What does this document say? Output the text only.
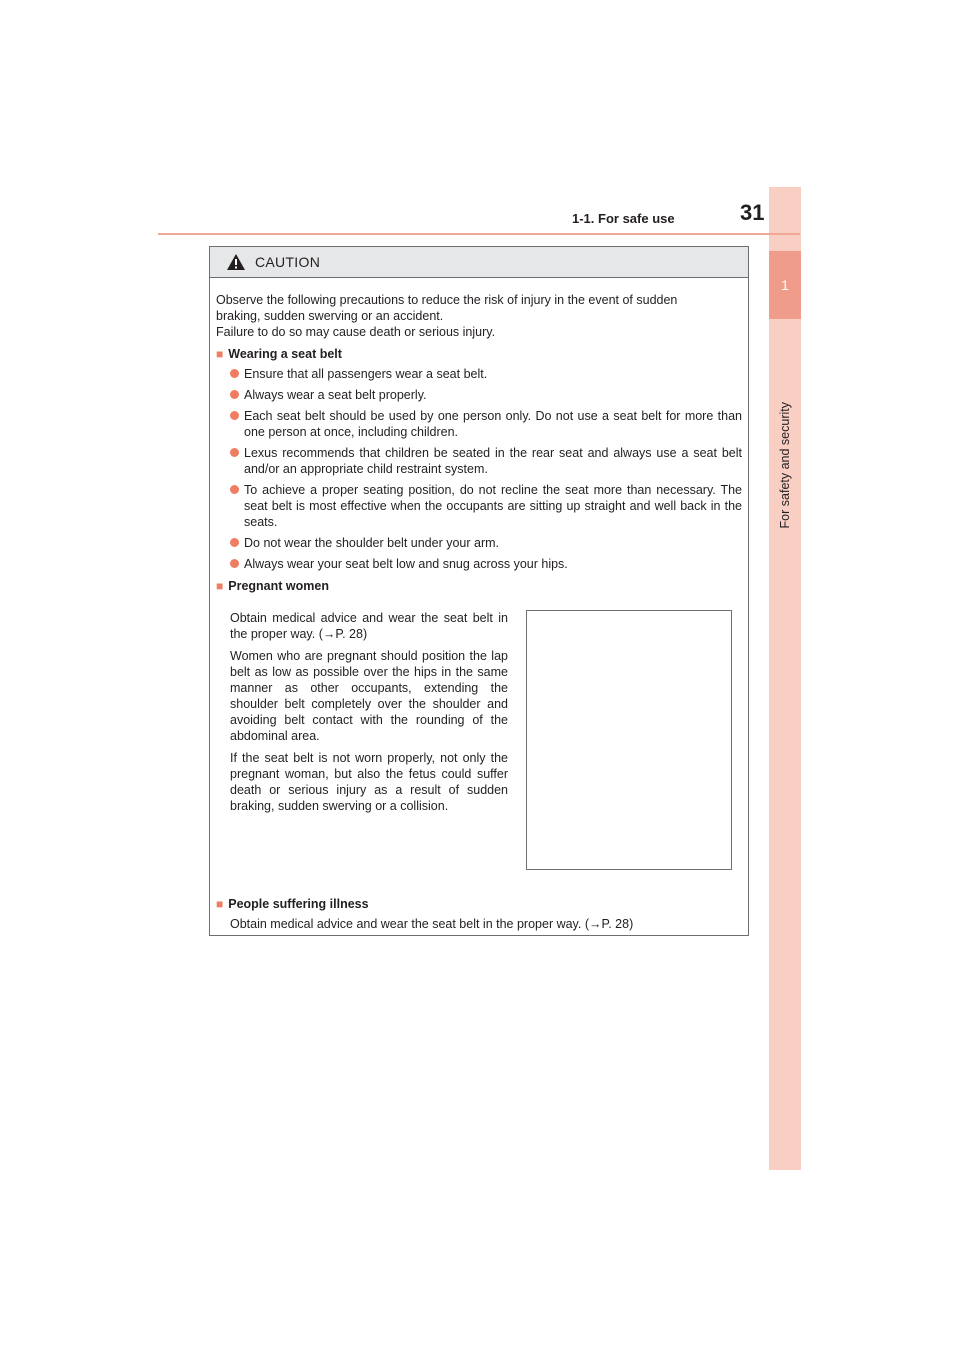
1
For safety and security
1-1. For safe use	31
CAUTION

Observe the following precautions to reduce the risk of injury in the event of sudden

braking, sudden swerving or an accident.

Failure to do so may cause death or serious injury.

■ Wearing a seat belt
Ensure that all passengers wear a seat belt.
Always wear a seat belt properly.
Each seat belt should be used by one person only. Do not use a seat belt for more than one person at once, including children.
Lexus recommends that children be seated in the rear seat and always use a seat belt and/or an appropriate child restraint system.
To achieve a proper seating position, do not recline the seat more than necessary. The seat belt is most effective when the occupants are sitting up straight and well back in the seats.
Do not wear the shoulder belt under your arm.
Always wear your seat belt low and snug across your hips.
■ Pregnant women

Obtain medical advice and wear the seat belt in the proper way. (→P. 28)

Women who are pregnant should position the lap belt as low as possible over the hips in the same manner as other occupants, extending the shoulder belt completely over the shoulder and avoiding belt contact with the rounding of the abdominal area.

If the seat belt is not worn properly, not only the pregnant woman, but also the fetus could suffer death or serious injury as a result of sudden braking, sudden swerving or a collision.

■ People suffering illness
Obtain medical advice and wear the seat belt in the proper way. (→P. 28)
